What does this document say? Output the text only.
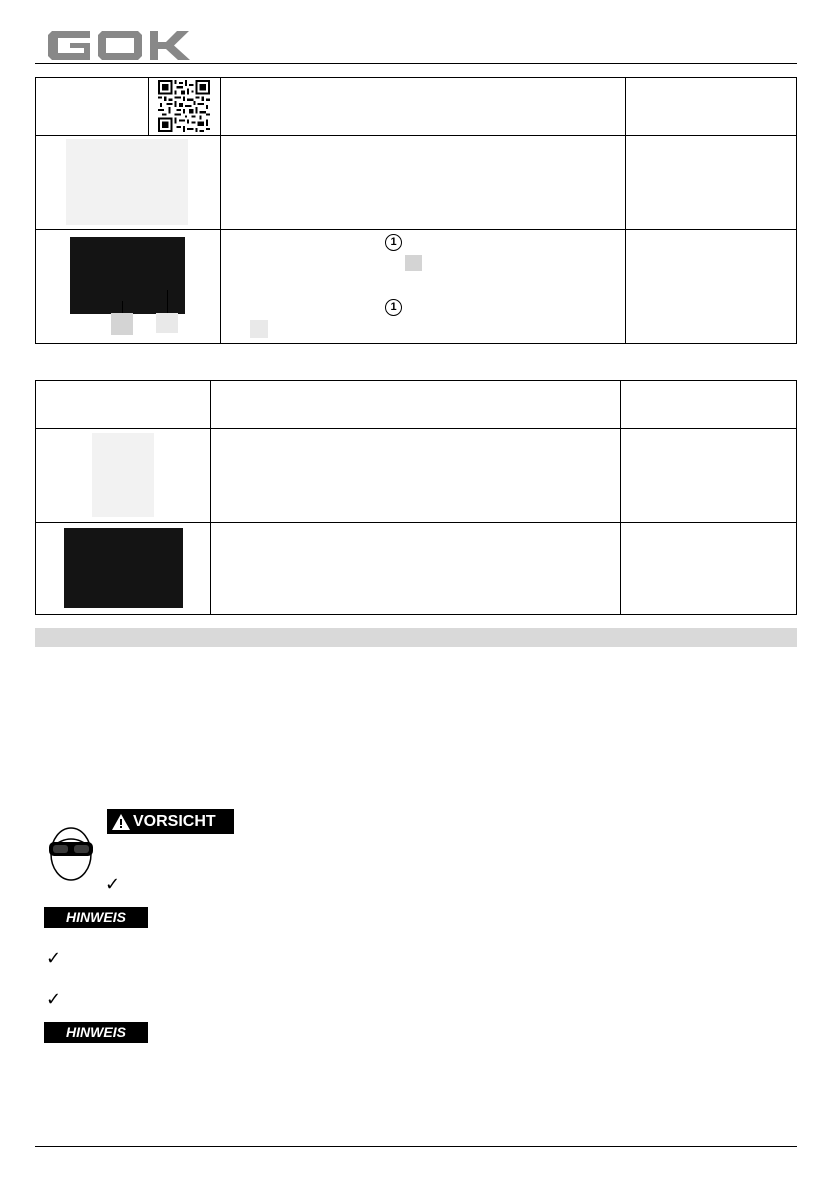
1
1
VORSICHT
✓
HINWEIS
✓
✓
HINWEIS
